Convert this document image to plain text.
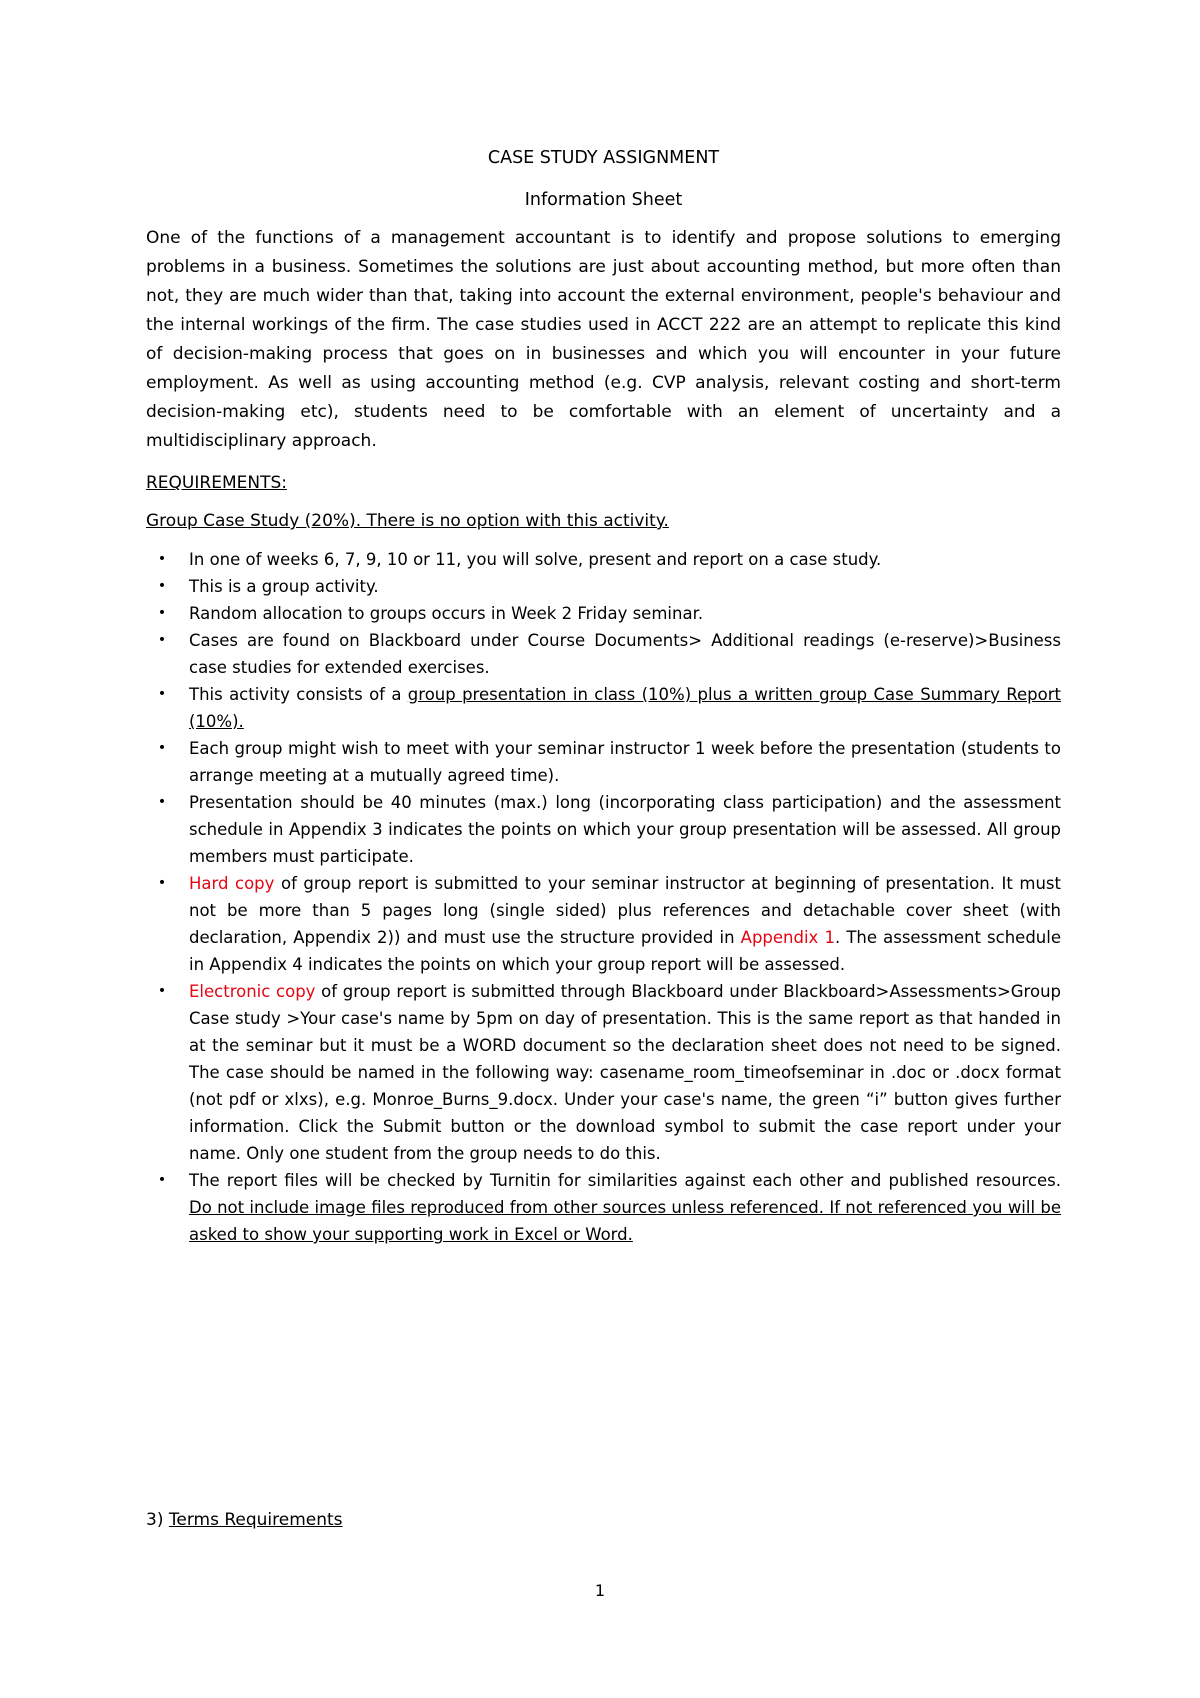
CASE STUDY ASSIGNMENT

Information Sheet

One of the functions of a management accountant is to identify and propose solutions to emerging problems in a business. Sometimes the solutions are just about accounting method, but more often than not, they are much wider than that, taking into account the external environment, people's behaviour and the internal workings of the firm. The case studies used in ACCT 222 are an attempt to replicate this kind of decision-making process that goes on in businesses and which you will encounter in your future employment. As well as using accounting method (e.g. CVP analysis, relevant costing and short-term decision-making etc), students need to be comfortable with an element of uncertainty and a multidisciplinary approach.

REQUIREMENTS:

Group Case Study (20%). There is no option with this activity.

• In one of weeks 6, 7, 9, 10 or 11, you will solve, present and report on a case study.
• This is a group activity.
• Random allocation to groups occurs in Week 2 Friday seminar.
• Cases are found on Blackboard under Course Documents> Additional readings (e-reserve)>Business case studies for extended exercises.
• This activity consists of a group presentation in class (10%) plus a written group Case Summary Report (10%).
• Each group might wish to meet with your seminar instructor 1 week before the presentation (students to arrange meeting at a mutually agreed time).
• Presentation should be 40 minutes (max.) long (incorporating class participation) and the assessment schedule in Appendix 3 indicates the points on which your group presentation will be assessed. All group members must participate.
• Hard copy of group report is submitted to your seminar instructor at beginning of presentation. It must not be more than 5 pages long (single sided) plus references and detachable cover sheet (with declaration, Appendix 2)) and must use the structure provided in Appendix 1. The assessment schedule in Appendix 4 indicates the points on which your group report will be assessed.
• Electronic copy of group report is submitted through Blackboard under Blackboard>Assessments>Group Case study >Your case's name by 5pm on day of presentation. This is the same report as that handed in at the seminar but it must be a WORD document so the declaration sheet does not need to be signed. The case should be named in the following way: casename_room_timeofseminar in .doc or .docx format (not pdf or xlxs), e.g. Monroe_Burns_9.docx. Under your case's name, the green “i” button gives further information. Click the Submit button or the download symbol to submit the case report under your name. Only one student from the group needs to do this.
• The report files will be checked by Turnitin for similarities against each other and published resources. Do not include image files reproduced from other sources unless referenced. If not referenced you will be asked to show your supporting work in Excel or Word.
3) Terms Requirements
1
